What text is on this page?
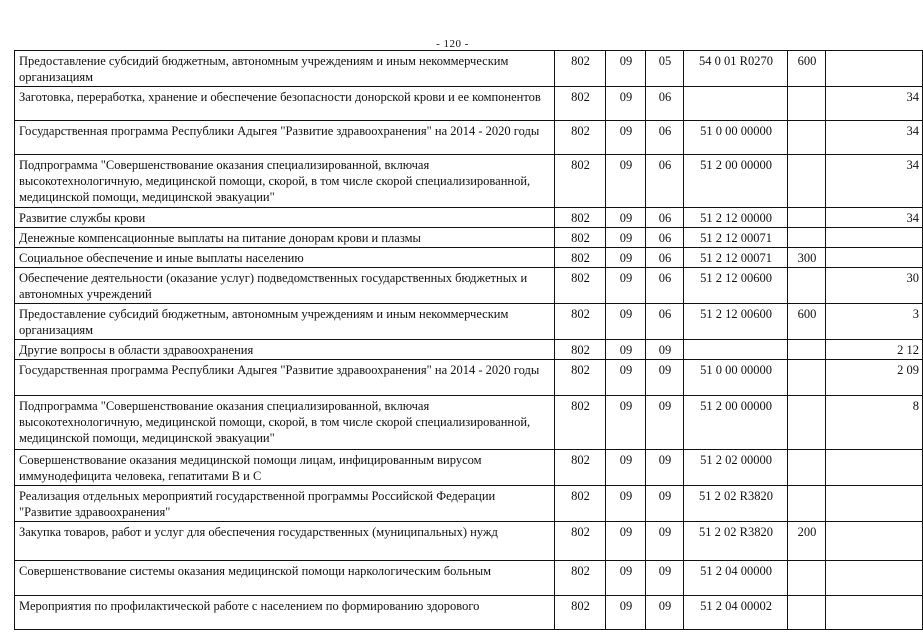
- 120 -
Предоставление субсидий бюджетным, автономным учреждениям и иным некоммерческим организациям	802	09	05	54 0 01 R0270	600	
Заготовка, переработка, хранение и обеспечение безопасности донорской крови и ее компонентов	802	09	06			34
Государственная программа Республики Адыгея "Развитие здравоохранения" на 2014 - 2020 годы	802	09	06	51 0 00 00000		34
Подпрограмма "Совершенствование оказания специализированной, включая высокотехнологичную, медицинской помощи, скорой, в том числе скорой специализированной, медицинской помощи, медицинской эвакуации"	802	09	06	51 2 00 00000		34
Развитие службы крови	802	09	06	51 2 12 00000		34
Денежные компенсационные выплаты на питание донорам крови и плазмы	802	09	06	51 2 12 00071		
Социальное обеспечение и иные выплаты населению	802	09	06	51 2 12 00071	300	
Обеспечение деятельности (оказание услуг) подведомственных государственных бюджетных и автономных учреждений	802	09	06	51 2 12 00600		30
Предоставление субсидий бюджетным, автономным учреждениям и иным некоммерческим организациям	802	09	06	51 2 12 00600	600	3
Другие вопросы в области здравоохранения	802	09	09			2 12
Государственная программа Республики Адыгея "Развитие здравоохранения" на 2014 - 2020 годы	802	09	09	51 0 00 00000		2 09
Подпрограмма "Совершенствование оказания специализированной, включая высокотехнологичную, медицинской помощи, скорой, в том числе скорой специализированной, медицинской помощи, медицинской эвакуации"	802	09	09	51 2 00 00000		8
Совершенствование оказания медицинской помощи лицам, инфицированным вирусом иммунодефицита человека, гепатитами B и C	802	09	09	51 2 02 00000		
Реализация отдельных мероприятий государственной программы Российской Федерации "Развитие здравоохранения"	802	09	09	51 2 02 R3820		
Закупка товаров, работ и услуг для обеспечения государственных (муниципальных) нужд	802	09	09	51 2 02 R3820	200	
Совершенствование системы оказания медицинской помощи наркологическим больным	802	09	09	51 2 04 00000		
Мероприятия по профилактической работе с населением по формированию здорового	802	09	09	51 2 04 00002		
